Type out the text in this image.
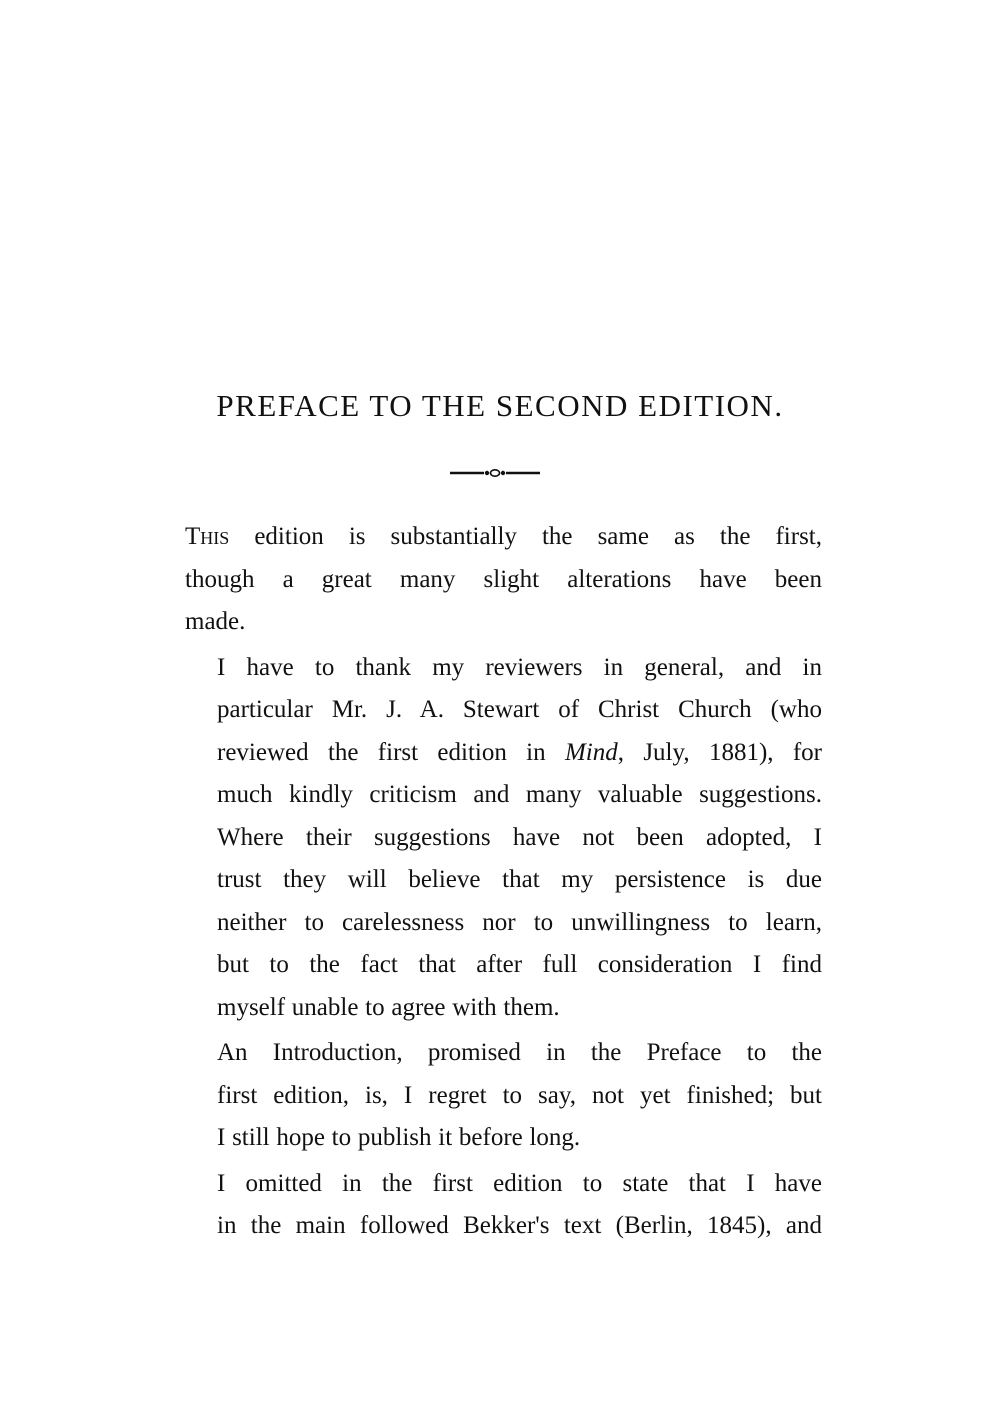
PREFACE TO THE SECOND EDITION.

This edition is substantially the same as the first,
though a great many slight alterations have been
made.

I have to thank my reviewers in general, and in
particular Mr. J. A. Stewart of Christ Church (who
reviewed the first edition in Mind, July, 1881), for
much kindly criticism and many valuable suggestions.
Where their suggestions have not been adopted, I
trust they will believe that my persistence is due
neither to carelessness nor to unwillingness to learn,
but to the fact that after full consideration I find
myself unable to agree with them.

An Introduction, promised in the Preface to the
first edition, is, I regret to say, not yet finished; but
I still hope to publish it before long.

I omitted in the first edition to state that I have
in the main followed Bekker's text (Berlin, 1845), and
